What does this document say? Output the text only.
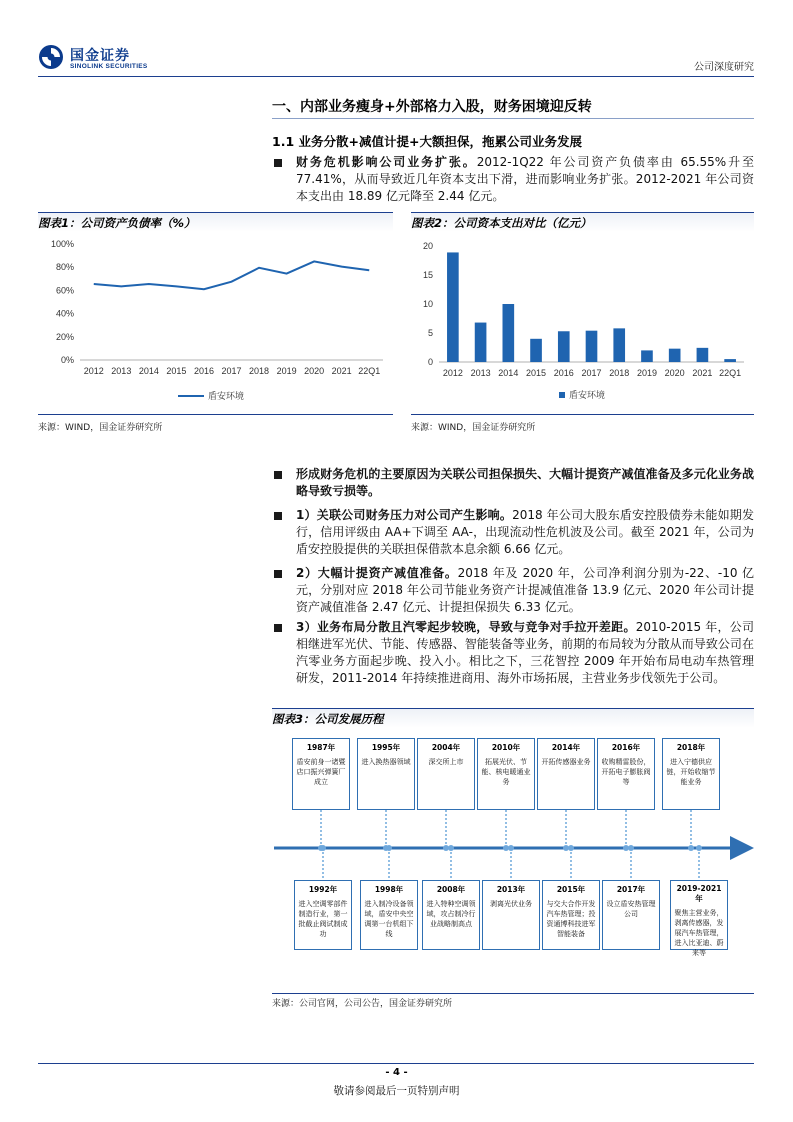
国金证券
SINOLINK SECURITIES	公司深度研究
一、内部业务瘦身+外部格力入股，财务困境迎反转
1.1 业务分散+减值计提+大额担保，拖累公司业务发展
财务危机影响公司业务扩张。2012-1Q22 年公司资产负债率由 65.55%升至 77.41%，从而导致近几年资本支出下滑，进而影响业务扩张。2012-2021 年公司资本支出由 18.89 亿元降至 2.44 亿元。
图表1：公司资产负债率（%）
0%
20%
40%
60%
80%
100%
2012 2013 2014 2015 2016 2017 2018 2019 2020 2021 22Q1
盾安环境
来源：WIND，国金证券研究所
图表2：公司资本支出对比（亿元）
0
5
10
15
20
2012 2013 2014 2015 2016 2017 2018 2019 2020 2021 22Q1
盾安环境
来源：WIND，国金证券研究所
形成财务危机的主要原因为关联公司担保损失、大幅计提资产减值准备及多元化业务战略导致亏损等。
1）关联公司财务压力对公司产生影响。2018 年公司大股东盾安控股债券未能如期发行，信用评级由 AA+下调至 AA-，出现流动性危机波及公司。截至 2021 年，公司为盾安控股提供的关联担保借款本息余额 6.66 亿元。
2）大幅计提资产减值准备。2018 年及 2020 年，公司净利润分别为-22、-10 亿元，分别对应 2018 年公司节能业务资产计提减值准备 13.9 亿元、2020 年公司计提资产减值准备 2.47 亿元、计提担保损失 6.33 亿元。
3）业务布局分散且汽零起步较晚，导致与竞争对手拉开差距。2010-2015 年，公司相继进军光伏、节能、传感器、智能装备等业务，前期的布局较为分散从而导致公司在汽零业务方面起步晚、投入小。相比之下，三花智控 2009 年开始布局电动车热管理研发，2011-2014 年持续推进商用、海外市场拓展，主营业务步伐领先于公司。
图表3：公司发展历程
1987年
盾安前身一诸暨店口振兴弹簧厂成立
1995年
进入换热器领域
2004年
深交所上市
2010年
拓展光伏、节能、核电暖通业务
2014年
开拓传感器业务
2016年
收购精雷股份，开拓电子膨胀阀等
2018年
进入宁德供应链，开始收缩节能业务
1992年
进入空调零部件制造行业，第一批截止阀试制成功
1998年
进入制冷设备领域，盾安中央空调第一台机组下线
2008年
进入特种空调领域，攻占制冷行业战略制高点
2013年
剥离光伏业务
2015年
与交大合作开发汽车热管理；投资通博科技进军智能装备
2017年
设立盾安热管理公司
2019-2021年
聚焦主营业务，剥离传感器，发展汽车热管理，进入比亚迪、蔚来等
来源：公司官网，公司公告，国金证券研究所
- 4 -
敬请参阅最后一页特别声明
